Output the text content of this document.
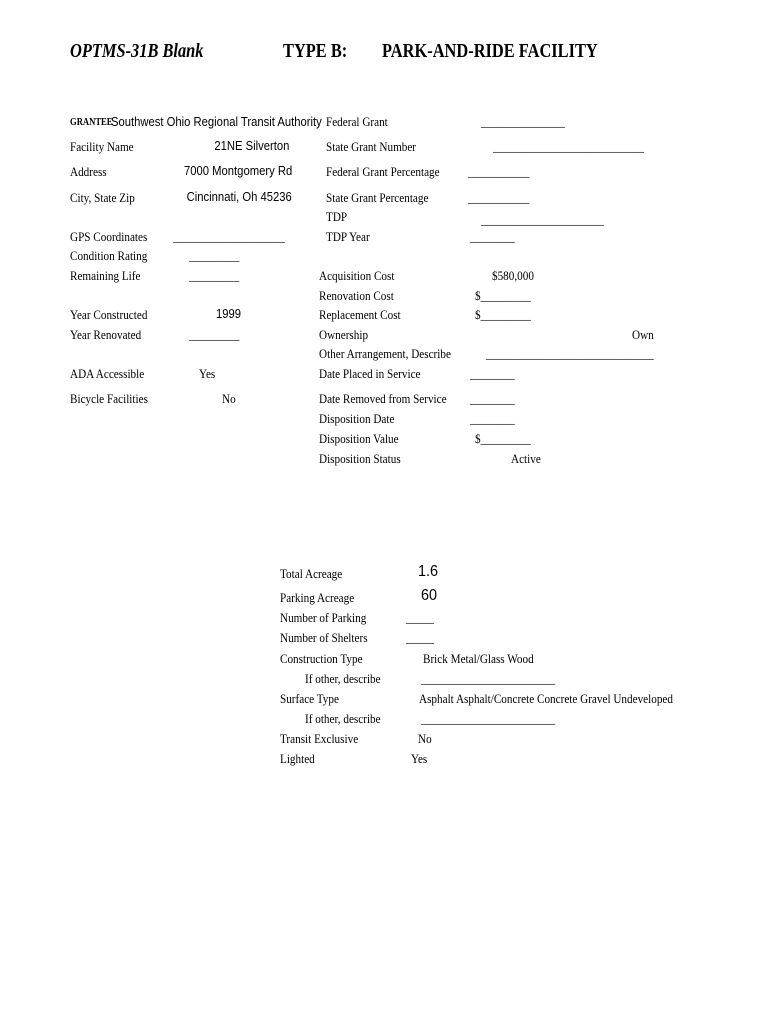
OPTMS-31B Blank	TYPE B: PARK-AND-RIDE FACILITY
GRANTEE
Southwest Ohio Regional Transit Authority
Facility Name	21NE Silverton
Address	7000 Montgomery Rd
City, State Zip	Cincinnati, Oh 45236
GPS Coordinates ____________________
Condition Rating	_________
Remaining Life	_________
Year Constructed	1999
Year Renovated	_________
ADA Accessible	Yes
Bicycle Facilities	No
Federal Grant	_______________
State Grant Number	___________________________
Federal Grant Percentage ___________
State Grant Percentage	___________
TDP	______________________
TDP Year	________
Acquisition Cost	$580,000
Renovation Cost	$_________
Replacement Cost	$_________
Ownership	Own
Other Arrangement, Describe	______________________________
Date Placed in Service	________
Date Removed from Service ________
Disposition Date	________
Disposition Value	$_________
Disposition Status	Active
Total Acreage	1.6
Parking Acreage	60
Number of Parking	_____
Number of Shelters	_____
Construction Type	Brick Metal/Glass Wood
If other, describe	________________________
Surface Type	Asphalt Asphalt/Concrete Concrete Gravel Undeveloped
If other, describe	________________________
Transit Exclusive	No
Lighted	Yes
